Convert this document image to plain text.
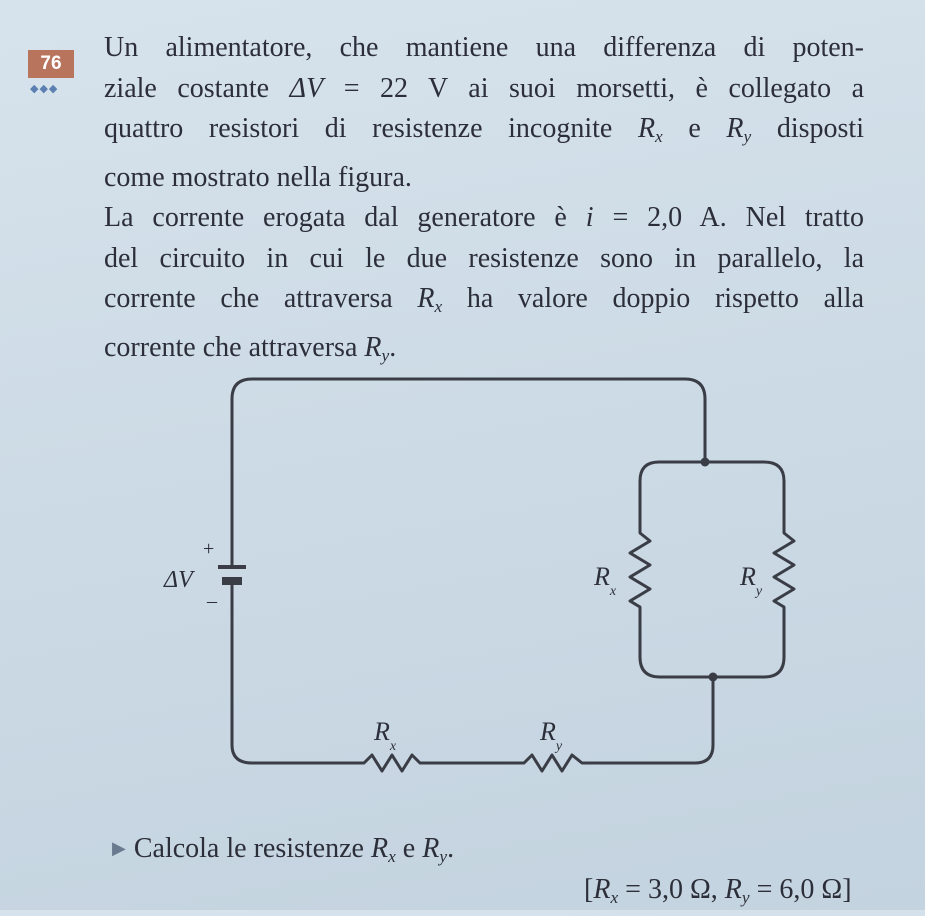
76
◆◆◆

Un alimentatore, che mantiene una differenza di poten-
ziale costante ΔV = 22 V ai suoi morsetti, è collegato a
quattro resistori di resistenze incognite $R_x$ e $R_y$ disposti
come mostrato nella figura.
La corrente erogata dal generatore è i = 2,0 A. Nel tratto
del circuito in cui le due resistenze sono in parallelo, la
corrente che attraversa $R_x$ ha valore doppio rispetto alla
corrente che attraversa $R_y$.

+
–
ΔV	$R_x$
$R_y$
$R_x$
$R_y$
▶ Calcola le resistenze $R_x$ e $R_y$.
[$R_x = 3,0$ Ω, $R_y = 6,0$ Ω]
